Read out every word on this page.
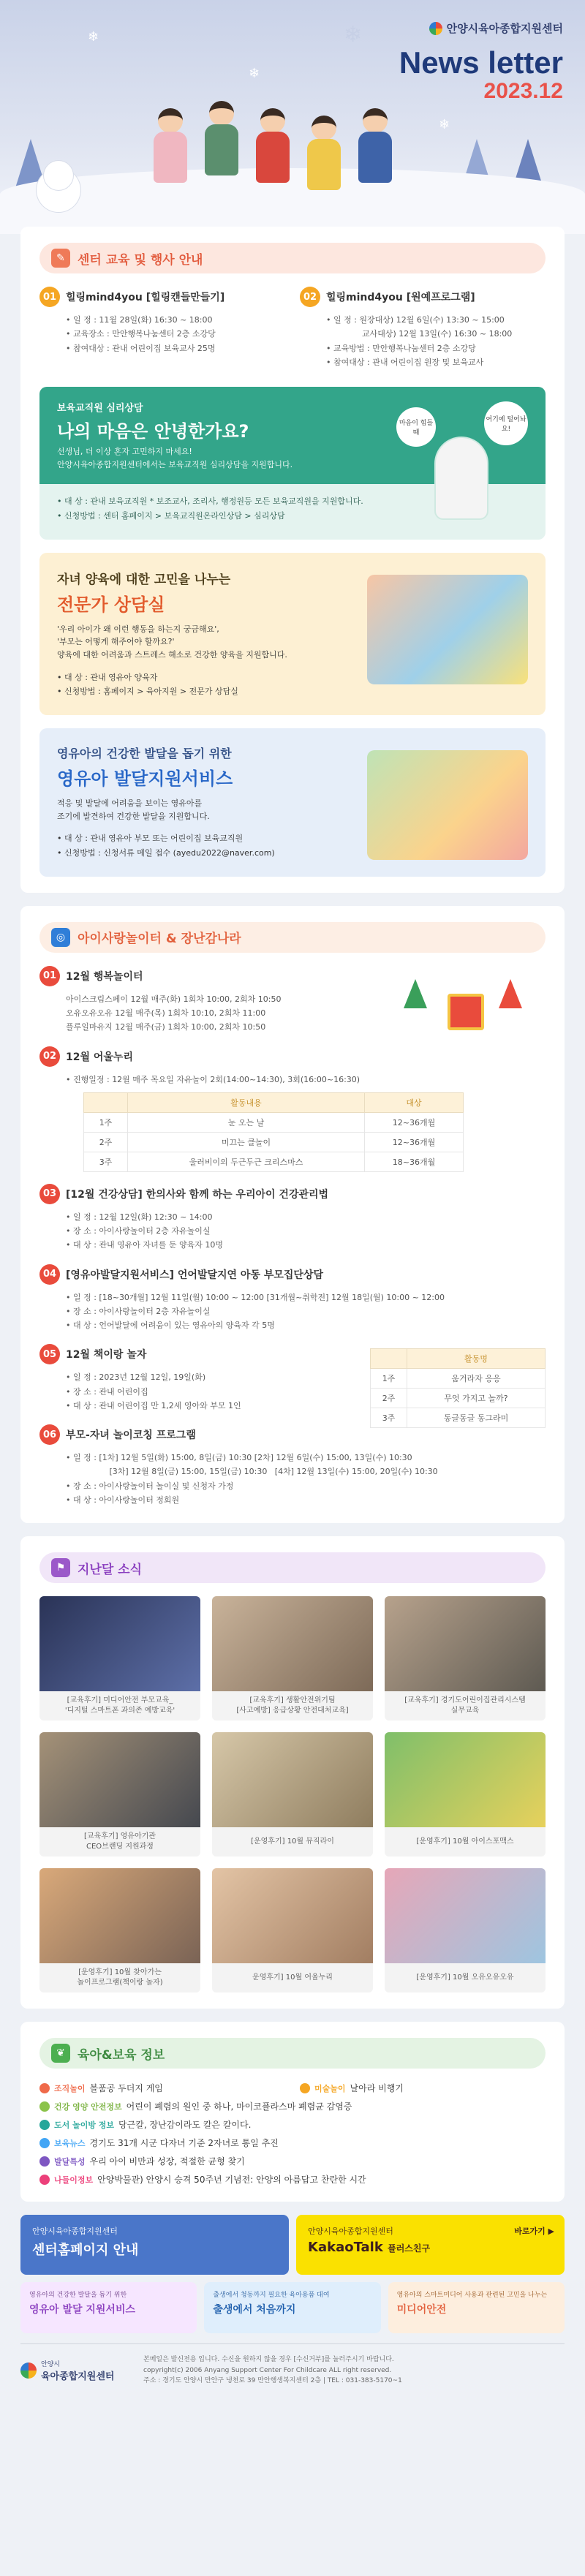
❄
❄
❄
❄
안양시육아종합지원센터
News letter
2023.12
✎	센터 교육 및 행사 안내
01 힐링mind4you [힐링캔들만들기]
• 일 정 : 11월 28일(화) 16:30 ~ 18:00
• 교육장소 : 만안행복나눔센터 2층 소강당
• 참여대상 : 관내 어린이집 보육교사 25명
02 힐링mind4you [원예프로그램]
• 일 정 : 원장대상) 12월 6일(수) 13:30 ~ 15:00
교사대상) 12월 13일(수) 16:30 ~ 18:00
• 교육방법 : 만안행복나눔센터 2층 소강당
• 참여대상 : 관내 어린이집 원장 및 보육교사
보육교직원 심리상담
나의 마음은 안녕한가요?
선생님, 더 이상 혼자 고민하지 마세요!
안양시육아종합지원센터에서는 보육교직원 심리상담을 지원합니다.
• 대 상 : 관내 보육교직원 * 보조교사, 조리사, 행정원등 모든 보육교직원을 지원합니다.
• 신청방법 : 센터 홈페이지 > 보육교직원온라인상담 > 심리상담
마음이 힘들때
여기에 털어놔요!
자녀 양육에 대한 고민을 나누는
전문가 상담실
'우리 아이가 왜 이런 행동을 하는지 궁금해요',
'부모는 어떻게 해주어야 할까요?'
양육에 대한 어려움과 스트레스 해소로 건강한 양육을 지원합니다.
• 대 상 : 관내 영유아 양육자
• 신청방법 : 홈페이지 > 육아지원 > 전문가 상담실
영유아의 건강한 발달을 돕기 위한
영유아 발달지원서비스
적응 및 발달에 어려움을 보이는 영유아를
조기에 발견하여 건강한 발달을 지원합니다.
• 대 상 : 관내 영유아 부모 또는 어린이집 보육교직원
• 신청방법 : 신청서류 메일 접수 (ayedu2022@naver.com)
◎ 아이사랑놀이터 & 장난감나라
01 12월 행복놀이터
아이스크림스페이 12월 매주(화) 1회차 10:00, 2회차 10:50
오유오유오유 12월 매주(목) 1회차 10:10, 2회차 11:00
플루일마유지 12월 매주(금) 1회차 10:00, 2회차 10:50
02 12월 어울누리
• 진행일정 : 12월 매주 목요일 자유놀이 2회(14:00~14:30), 3회(16:00~16:30)
	활동내용	대상
1주	눈 오는 날	12~36개월
2주	미끄는 클놀이	12~36개월
3주	울러비이의 두근두근 크리스마스	18~36개월
03 [12월 건강상담] 한의사와 함께 하는 우리아이 건강관리법
• 일 정 : 12월 12일(화) 12:30 ~ 14:00
• 장 소 : 아이사랑놀이터 2층 자유놀이실
• 대 상 : 관내 영유아 자녀를 둔 양육자 10명
04 [영유아발달지원서비스] 언어발달지연 아동 부모집단상담
• 일 정 : [18~30개월] 12월 11일(월) 10:00 ~ 12:00 [31개월~취학전] 12월 18일(월) 10:00 ~ 12:00
• 장 소 : 아이사랑놀이터 2층 자유놀이실
• 대 상 : 언어발달에 어려움이 있는 영유아의 양육자 각 5명
05 12월 책이랑 놀자
• 일 정 : 2023년 12월 12일, 19일(화)
• 장 소 : 관내 어린이집
• 대 상 : 관내 어린이집 만 1,2세 영아와 부모 1인
	활동명
1주	움거라자 응응
2주	무엇 가지고 놀까?
3주	동글동글 동그라미
06 부모-자녀 놀이코칭 프로그램
• 일 정 : [1차] 12월 5일(화) 15:00, 8일(금) 10:30 [2차] 12월 6일(수) 15:00, 13일(수) 10:30
[3차] 12월 8일(금) 15:00, 15일(금) 10:30   [4차] 12월 13일(수) 15:00, 20일(수) 10:30
• 장 소 : 아이사랑놀이터 놀이실 및 신청자 가정
• 대 상 : 아이사랑놀이터 정회원
⚑ 지난달 소식
[교육후기] 미디어안전 부모교육_
'디지털 스마트폰 과의존 예방교육'
[교육후기] 생활안전위기팀
[사고예방] 응급상황 안전대처교육]
[교육후기] 경기도어린이집관리시스템
실무교육
[교육후기] 영유아기관
CEO브랜딩 지원과정
[운영후기] 10월 뮤직라이	[운영후기] 10월 아이스포맥스
[운영후기] 10월 찾아가는
놀이프로그램(책이랑 놀자)
운영후기] 10월 어울누리	[운영후기] 10월 오유오유오유
❦	육아&보육 정보
조직놀이 볼품공 두더지 게임	미술놀이 날아라 비행기
건강 영양 안전정보 어린이 폐렴의 원인 중 하나, 마이코플라스마 폐렴균 감염증
도서 놀이방 정보 당근칼, 장난감이라도 칼은 칼이다.
보육뉴스 경기도 31개 시군 다자녀 기준 2자녀로 통일 추진
발달특성 우리 아이 비만과 성장, 적절한 균형 찾기
나들이정보 안양박물관) 안양시 승격 50주년 기념전: 안양의 아름답고 찬란한 시간
안양시육아종합지원센터
센터홈페이지 안내
안양시육아종합지원센터
KakaoTalk 플러스친구
바로가기 ▶
영유아의 건강한 발달을 돕기 위한
영유아 발달 지원서비스
출생에서 청동까지 필요한 육아용품 대여
출생에서 처음까지
영유아의 스마트미디어 사용과 관련된 고민을 나누는
미디어안전
안양시
육아종합지원센터
본메일은 발신전용 입니다. 수신을 원하지 않을 경우 [수신거부]를 눌러주시기 바랍니다.
copyright(c) 2006 Anyang Support Center For Childcare ALL right reserved.
주소 : 경기도 안양시 만안구 냉천로 39 만안행생복지센터 2층 | TEL : 031-383-5170~1
